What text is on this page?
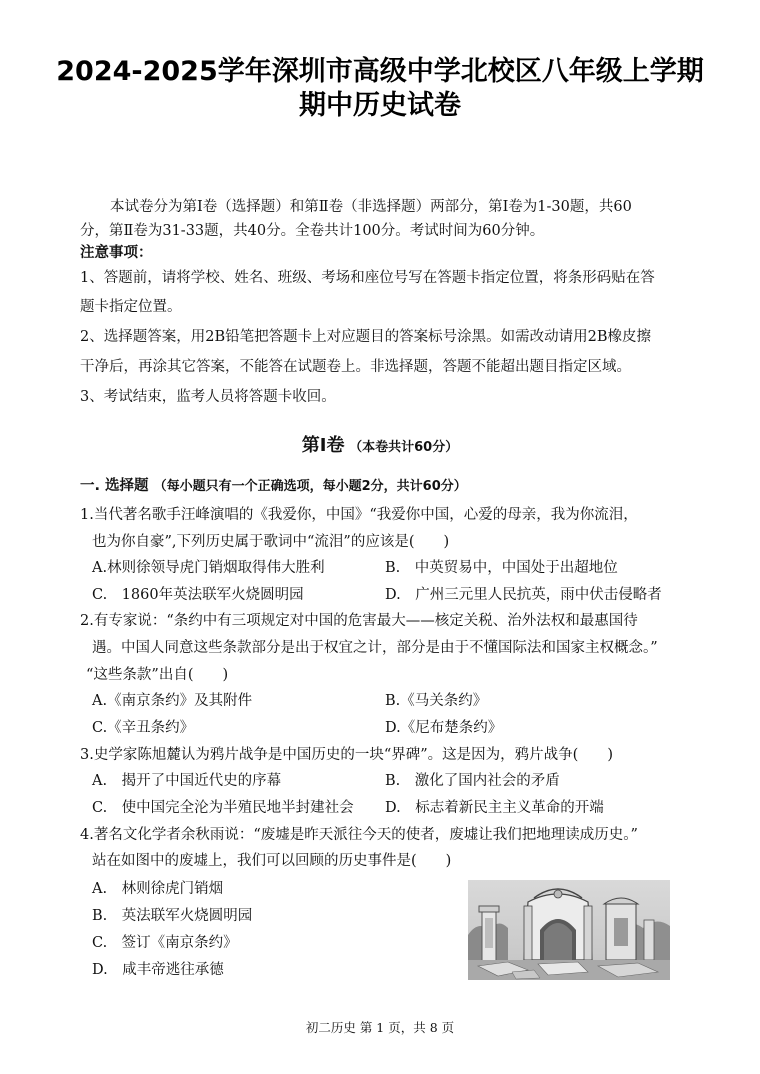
2024-2025学年深圳市高级中学北校区八年级上学期
期中历史试卷
本试卷分为第Ⅰ卷（选择题）和第Ⅱ卷（非选择题）两部分，第Ⅰ卷为1-30题，共60
分，第Ⅱ卷为31-33题，共40分。全卷共计100分。考试时间为60分钟。
注意事项：
1、答题前，请将学校、姓名、班级、考场和座位号写在答题卡指定位置，将条形码贴在答
题卡指定位置。
2、选择题答案，用2B铅笔把答题卡上对应题目的答案标号涂黑。如需改动请用2B橡皮擦
干净后，再涂其它答案，不能答在试题卷上。非选择题，答题不能超出题目指定区域。
3、考试结束，监考人员将答题卡收回。
第Ⅰ卷 （本卷共计60分）
一. 选择题 （每小题只有一个正确选项，每小题2分，共计60分）
1.当代著名歌手汪峰演唱的《我爱你，中国》“我爱你中国，心爱的母亲，我为你流泪，
也为你自豪”,下列历史属于歌词中“流泪”的应该是(　　)
A.林则徐领导虎门销烟取得伟大胜利	B.　中英贸易中，中国处于出超地位
C.　1860年英法联军火烧圆明园	D.　广州三元里人民抗英，雨中伏击侵略者
2.有专家说：“条约中有三项规定对中国的危害最大——核定关税、治外法权和最惠国待
遇。中国人同意这些条款部分是出于权宜之计，部分是由于不懂国际法和国家主权概念。”
“这些条款”出自(　　)
A.《南京条约》及其附件	B.《马关条约》
C.《辛丑条约》	D.《尼布楚条约》
3.史学家陈旭麓认为鸦片战争是中国历史的一块“界碑”。这是因为，鸦片战争(　　)
A.　揭开了中国近代史的序幕	B.　激化了国内社会的矛盾
C.　使中国完全沦为半殖民地半封建社会 D.　标志着新民主主义革命的开端
4.著名文化学者余秋雨说：“废墟是昨天派往今天的使者，废墟让我们把地理读成历史。”
站在如图中的废墟上，我们可以回顾的历史事件是(　　)
A.　林则徐虎门销烟
B.　英法联军火烧圆明园
C.　签订《南京条约》
D.　咸丰帝逃往承德
初二历史 第 1 页，共 8 页
